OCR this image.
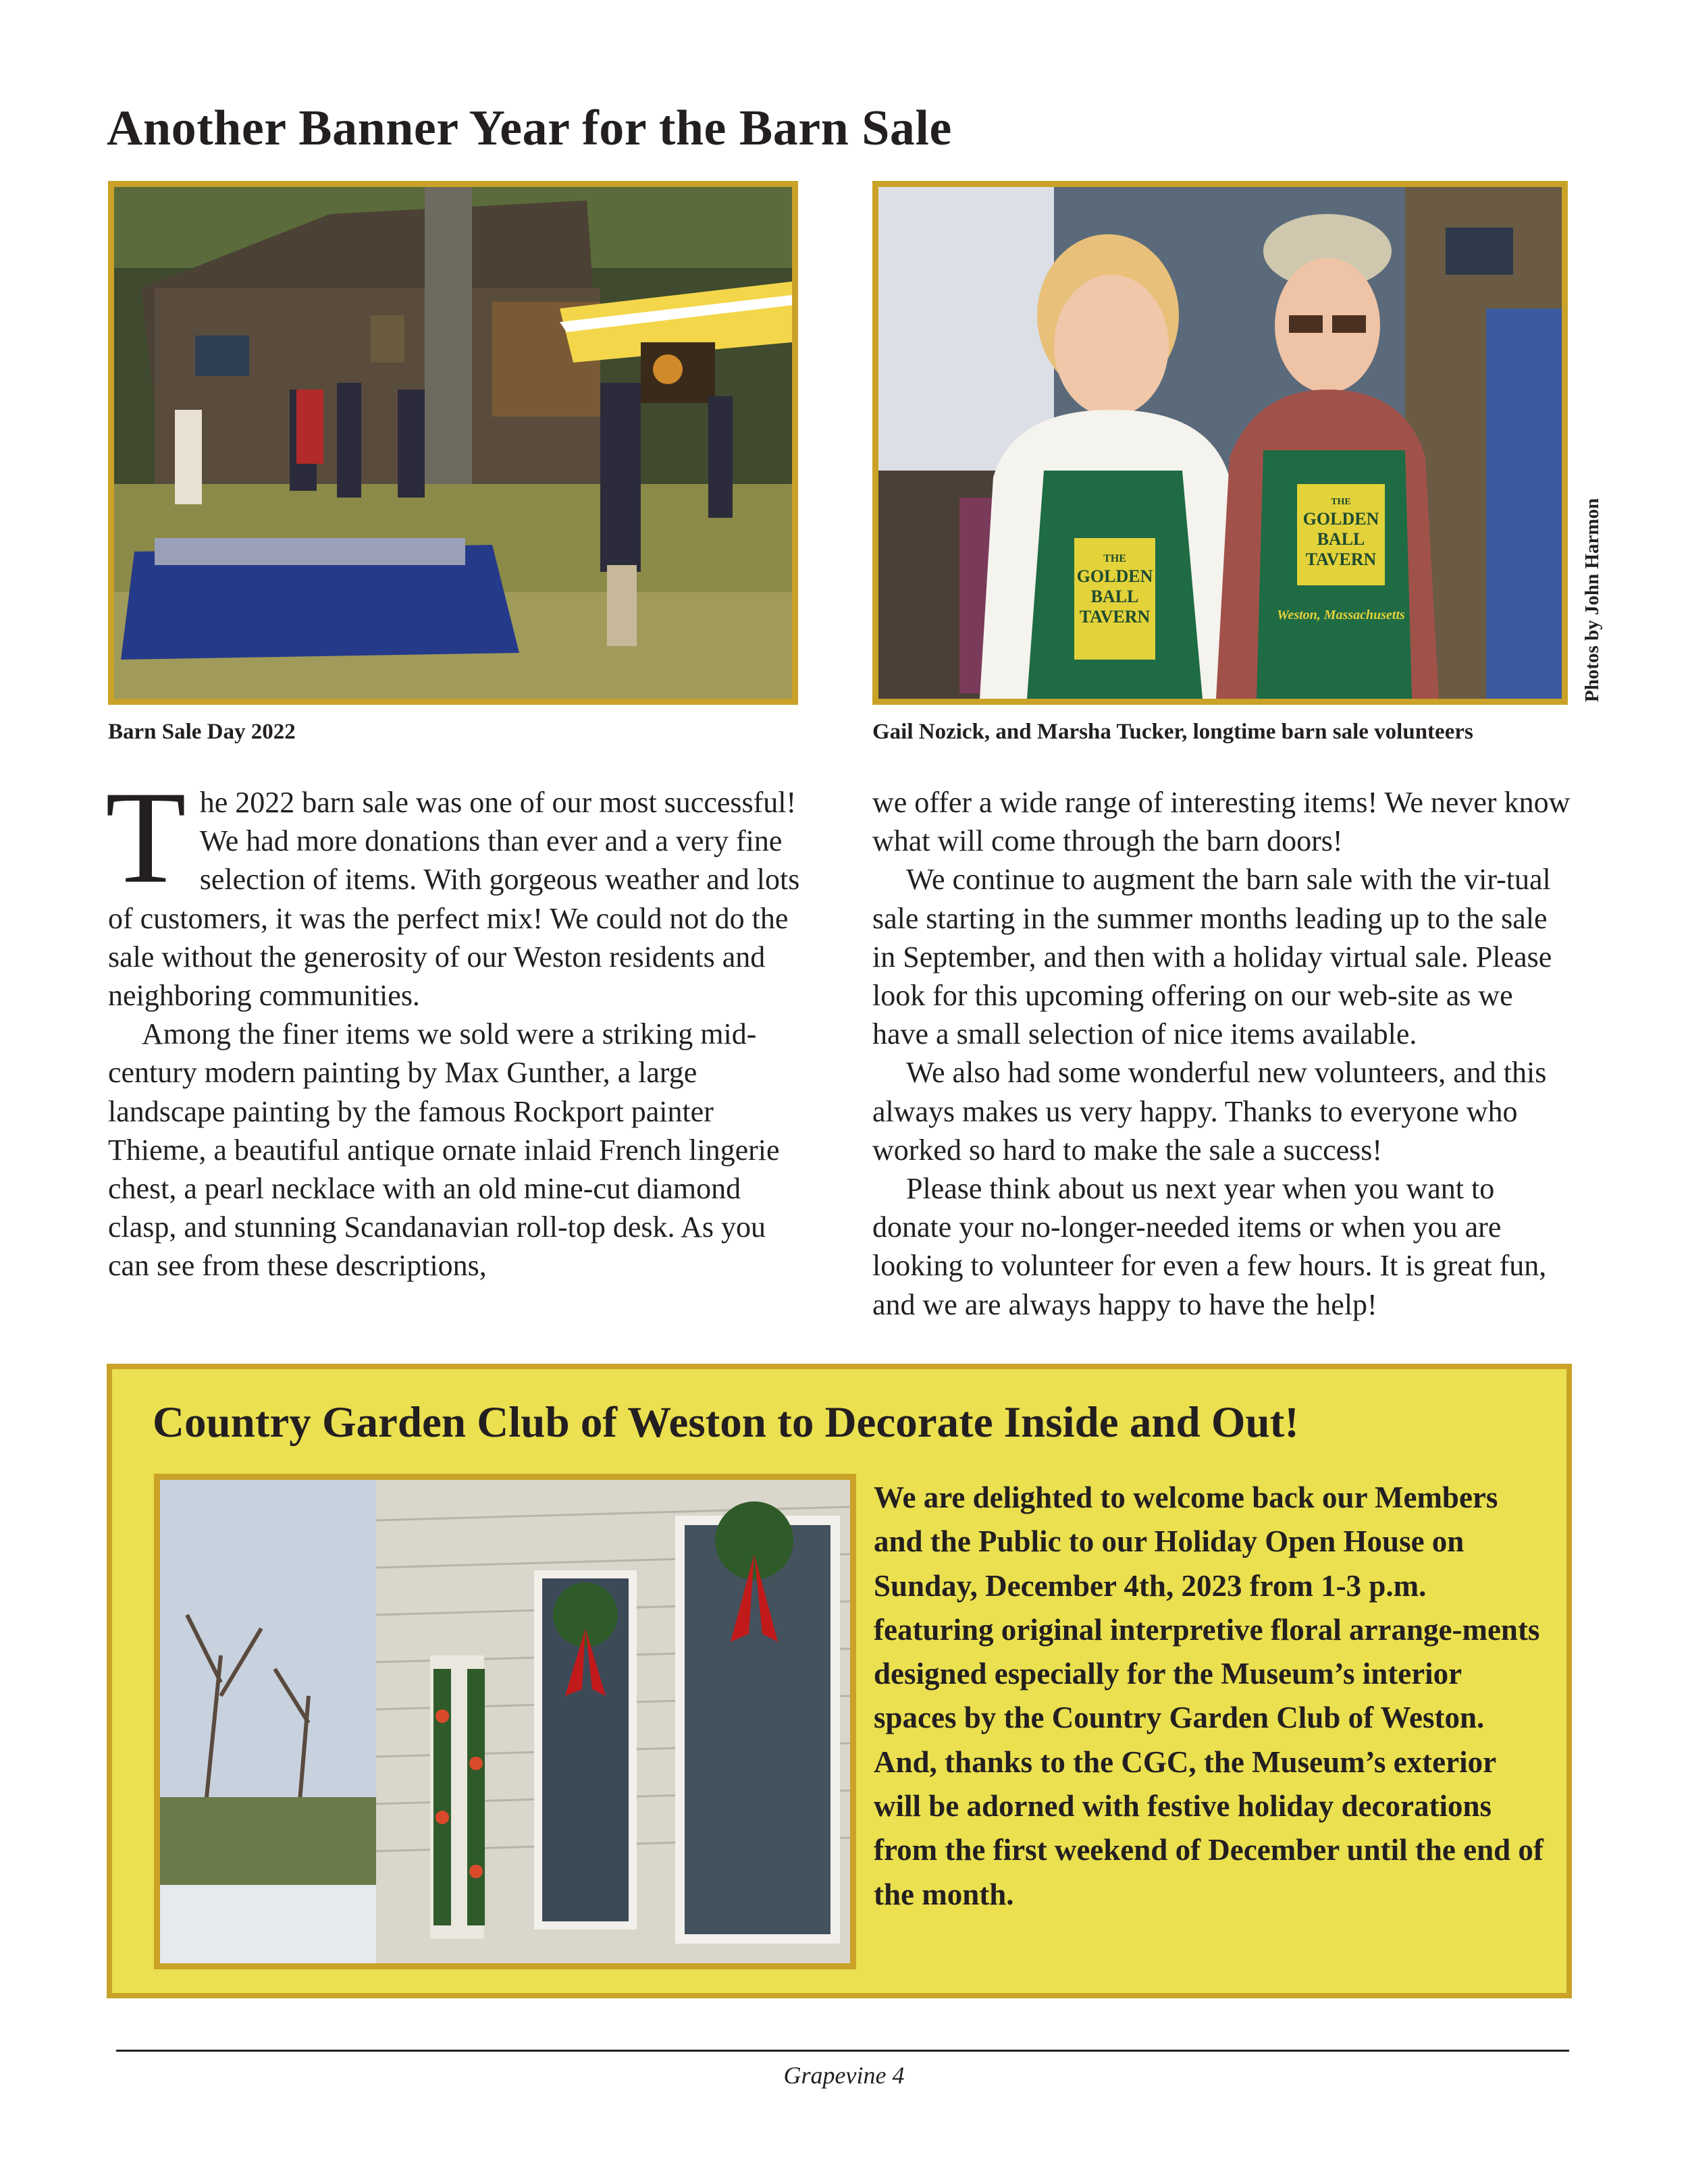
Another Banner Year for the Barn Sale
THE
GOLDEN
BALL
TAVERN
THE
GOLDEN
BALL
TAVERN
Weston, Massachusetts	Photos by John Harmon
Barn Sale Day 2022	Gail Nozick, and Marsha Tucker, longtime barn sale volunteers

The 2022 barn sale was one of our most successful! We had more donations than ever and a very fine selection of items. With gorgeous weather and lots of customers, it was the perfect mix! We could not do the sale without the generosity of our Weston residents and neighboring communities.

Among the finer items we sold were a striking mid-century modern painting by Max Gunther, a large landscape painting by the famous Rockport painter Thieme, a beautiful antique ornate inlaid French lingerie chest, a pearl necklace with an old mine-cut diamond clasp, and stunning Scandanavian roll-top desk. As you can see from these descriptions,

we offer a wide range of interesting items! We never know what will come through the barn doors!

We continue to augment the barn sale with the vir-tual sale starting in the summer months leading up to the sale in September, and then with a holiday virtual sale. Please look for this upcoming offering on our web-site as we have a small selection of nice items available.

We also had some wonderful new volunteers, and this always makes us very happy. Thanks to everyone who worked so hard to make the sale a success!

Please think about us next year when you want to donate your no-longer-needed items or when you are looking to volunteer for even a few hours. It is great fun, and we are always happy to have the help!

Country Garden Club of Weston to Decorate Inside and Out!
We are delighted to welcome back our Members and the Public to our Holiday Open House on Sunday, December 4th, 2023 from 1-3 p.m. featuring original interpretive floral arrange-ments designed especially for the Museum’s interior spaces by the Country Garden Club of Weston. And, thanks to the CGC, the Museum’s exterior will be adorned with festive holiday decorations from the first weekend of December until the end of the month.
Grapevine 4
